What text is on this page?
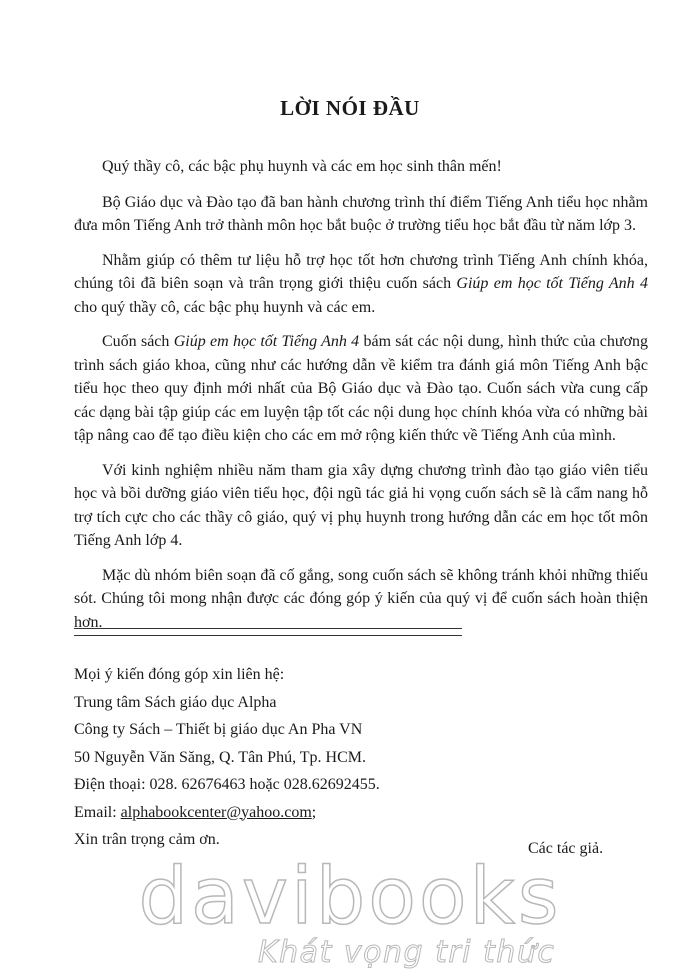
LỜI NÓI ĐẦU

Quý thầy cô, các bậc phụ huynh và các em học sinh thân mến!

Bộ Giáo dục và Đào tạo đã ban hành chương trình thí điểm Tiếng Anh tiểu học nhằm đưa môn Tiếng Anh trở thành môn học bắt buộc ở trường tiểu học bắt đầu từ năm lớp 3.

Nhằm giúp có thêm tư liệu hỗ trợ học tốt hơn chương trình Tiếng Anh chính khóa, chúng tôi đã biên soạn và trân trọng giới thiệu cuốn sách Giúp em học tốt Tiếng Anh 4 cho quý thầy cô, các bậc phụ huynh và các em.

Cuốn sách Giúp em học tốt Tiếng Anh 4 bám sát các nội dung, hình thức của chương trình sách giáo khoa, cũng như các hướng dẫn về kiểm tra đánh giá môn Tiếng Anh bậc tiểu học theo quy định mới nhất của Bộ Giáo dục và Đào tạo. Cuốn sách vừa cung cấp các dạng bài tập giúp các em luyện tập tốt các nội dung học chính khóa vừa có những bài tập nâng cao để tạo điều kiện cho các em mở rộng kiến thức về Tiếng Anh của mình.

Với kinh nghiệm nhiều năm tham gia xây dựng chương trình đào tạo giáo viên tiểu học và bồi dưỡng giáo viên tiểu học, đội ngũ tác giả hi vọng cuốn sách sẽ là cẩm nang hỗ trợ tích cực cho các thầy cô giáo, quý vị phụ huynh trong hướng dẫn các em học tốt môn Tiếng Anh lớp 4.

Mặc dù nhóm biên soạn đã cố gắng, song cuốn sách sẽ không tránh khỏi những thiếu sót. Chúng tôi mong nhận được các đóng góp ý kiến của quý vị để cuốn sách hoàn thiện hơn.

Mọi ý kiến đóng góp xin liên hệ:
Trung tâm Sách giáo dục Alpha
Công ty Sách – Thiết bị giáo dục An Pha VN
50 Nguyễn Văn Săng, Q. Tân Phú, Tp. HCM.
Điện thoại: 028. 62676463 hoặc 028.62692455.
Email: alphabookcenter@yahoo.com;
Xin trân trọng cảm ơn.
Các tác giả.
davibooks
Khát vọng tri thức
